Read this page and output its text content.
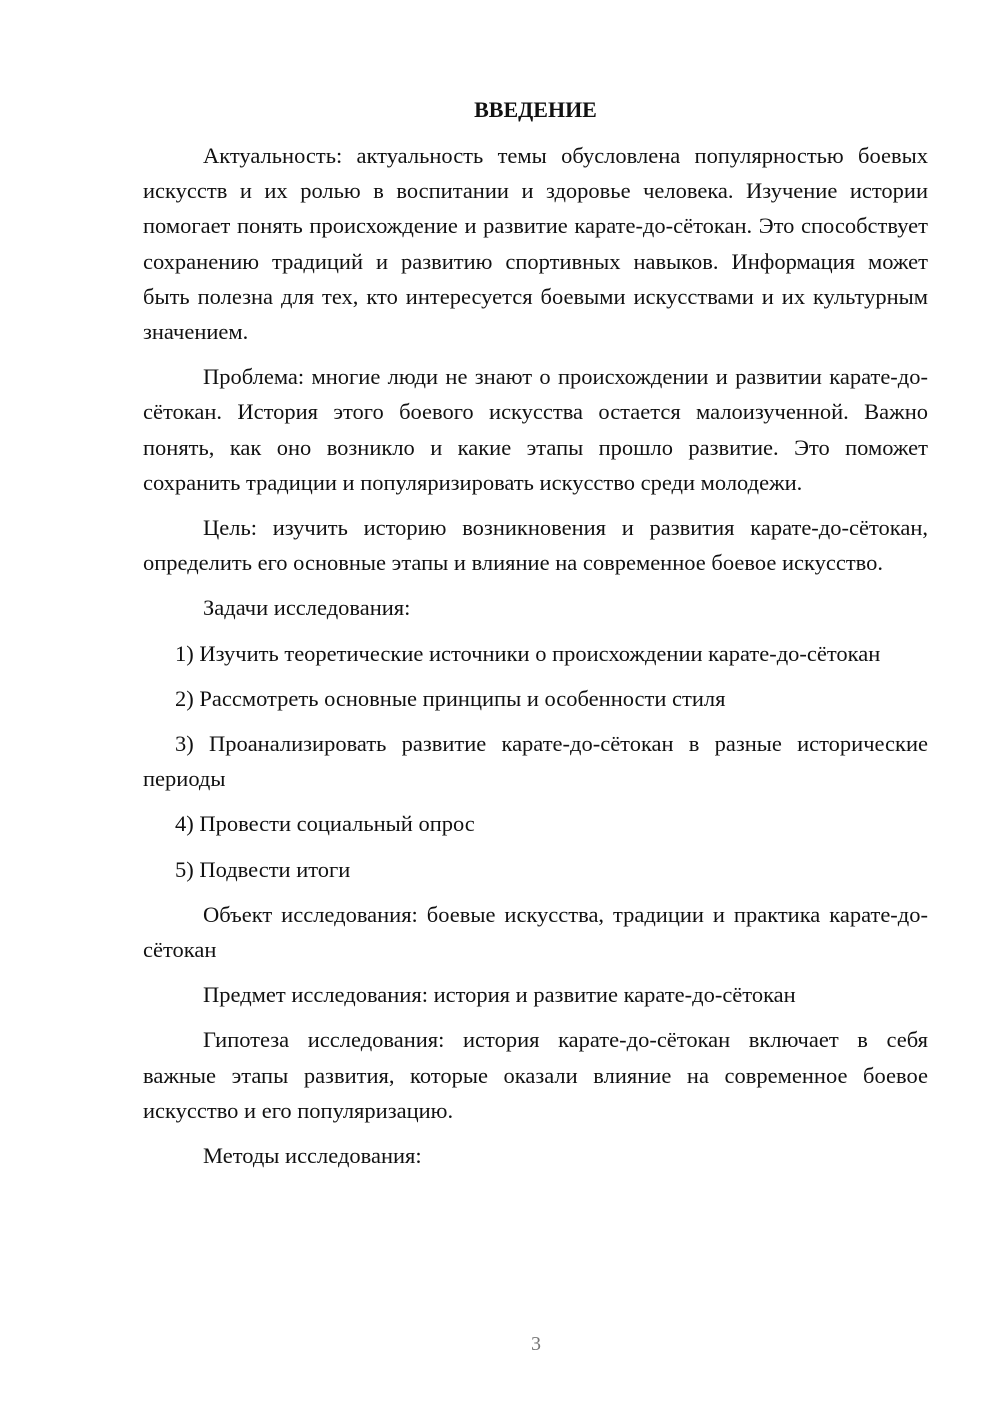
ВВЕДЕНИЕ

Актуальность: актуальность темы обусловлена популярностью боевых искусств и их ролью в воспитании и здоровье человека. Изучение истории помогает понять происхождение и развитие карате-до-сётокан. Это способствует сохранению традиций и развитию спортивных навыков. Информация может быть полезна для тех, кто интересуется боевыми искусствами и их культурным значением.

Проблема: многие люди не знают о происхождении и развитии карате-до-сётокан. История этого боевого искусства остается малоизученной. Важно понять, как оно возникло и какие этапы прошло развитие. Это поможет сохранить традиции и популяризировать искусство среди молодежи.

Цель: изучить историю возникновения и развития карате-до-сётокан, определить его основные этапы и влияние на современное боевое искусство.

Задачи исследования:

1) Изучить теоретические источники о происхождении карате-до-сётокан

2) Рассмотреть основные принципы и особенности стиля

3) Проанализировать развитие карате-до-сётокан в разные исторические периоды

4) Провести социальный опрос

5) Подвести итоги

Объект исследования: боевые искусства, традиции и практика карате-до-сётокан

Предмет исследования: история и развитие карате-до-сётокан

Гипотеза исследования: история карате-до-сётокан включает в себя важные этапы развития, которые оказали влияние на современное боевое искусство и его популяризацию.

Методы исследования:

3
